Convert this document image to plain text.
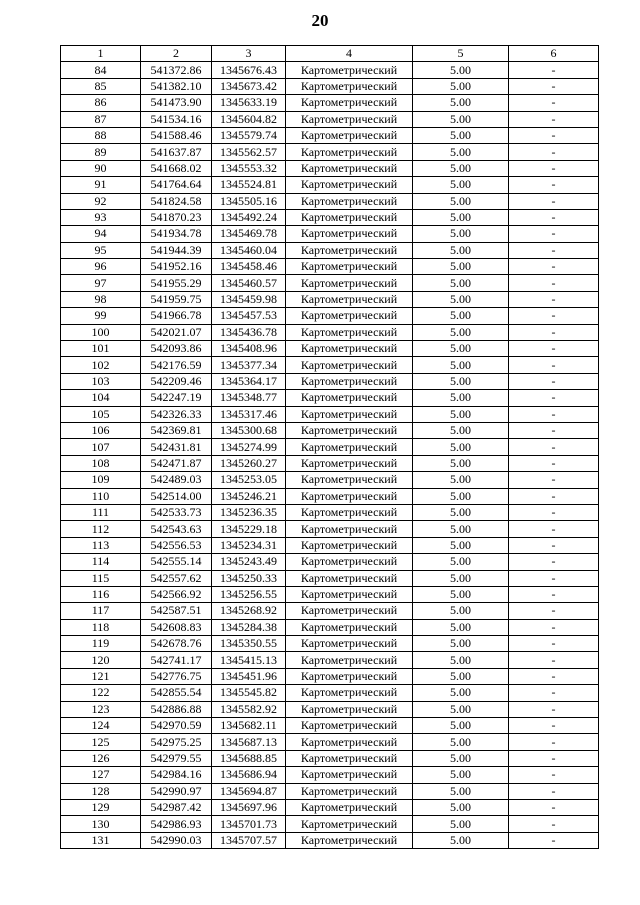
20
1	2	3	4	5	6
84	541372.86	1345676.43	Картометрический	5.00	-
85	541382.10	1345673.42	Картометрический	5.00	-
86	541473.90	1345633.19	Картометрический	5.00	-
87	541534.16	1345604.82	Картометрический	5.00	-
88	541588.46	1345579.74	Картометрический	5.00	-
89	541637.87	1345562.57	Картометрический	5.00	-
90	541668.02	1345553.32	Картометрический	5.00	-
91	541764.64	1345524.81	Картометрический	5.00	-
92	541824.58	1345505.16	Картометрический	5.00	-
93	541870.23	1345492.24	Картометрический	5.00	-
94	541934.78	1345469.78	Картометрический	5.00	-
95	541944.39	1345460.04	Картометрический	5.00	-
96	541952.16	1345458.46	Картометрический	5.00	-
97	541955.29	1345460.57	Картометрический	5.00	-
98	541959.75	1345459.98	Картометрический	5.00	-
99	541966.78	1345457.53	Картометрический	5.00	-
100	542021.07	1345436.78	Картометрический	5.00	-
101	542093.86	1345408.96	Картометрический	5.00	-
102	542176.59	1345377.34	Картометрический	5.00	-
103	542209.46	1345364.17	Картометрический	5.00	-
104	542247.19	1345348.77	Картометрический	5.00	-
105	542326.33	1345317.46	Картометрический	5.00	-
106	542369.81	1345300.68	Картометрический	5.00	-
107	542431.81	1345274.99	Картометрический	5.00	-
108	542471.87	1345260.27	Картометрический	5.00	-
109	542489.03	1345253.05	Картометрический	5.00	-
110	542514.00	1345246.21	Картометрический	5.00	-
111	542533.73	1345236.35	Картометрический	5.00	-
112	542543.63	1345229.18	Картометрический	5.00	-
113	542556.53	1345234.31	Картометрический	5.00	-
114	542555.14	1345243.49	Картометрический	5.00	-
115	542557.62	1345250.33	Картометрический	5.00	-
116	542566.92	1345256.55	Картометрический	5.00	-
117	542587.51	1345268.92	Картометрический	5.00	-
118	542608.83	1345284.38	Картометрический	5.00	-
119	542678.76	1345350.55	Картометрический	5.00	-
120	542741.17	1345415.13	Картометрический	5.00	-
121	542776.75	1345451.96	Картометрический	5.00	-
122	542855.54	1345545.82	Картометрический	5.00	-
123	542886.88	1345582.92	Картометрический	5.00	-
124	542970.59	1345682.11	Картометрический	5.00	-
125	542975.25	1345687.13	Картометрический	5.00	-
126	542979.55	1345688.85	Картометрический	5.00	-
127	542984.16	1345686.94	Картометрический	5.00	-
128	542990.97	1345694.87	Картометрический	5.00	-
129	542987.42	1345697.96	Картометрический	5.00	-
130	542986.93	1345701.73	Картометрический	5.00	-
131	542990.03	1345707.57	Картометрический	5.00	-
